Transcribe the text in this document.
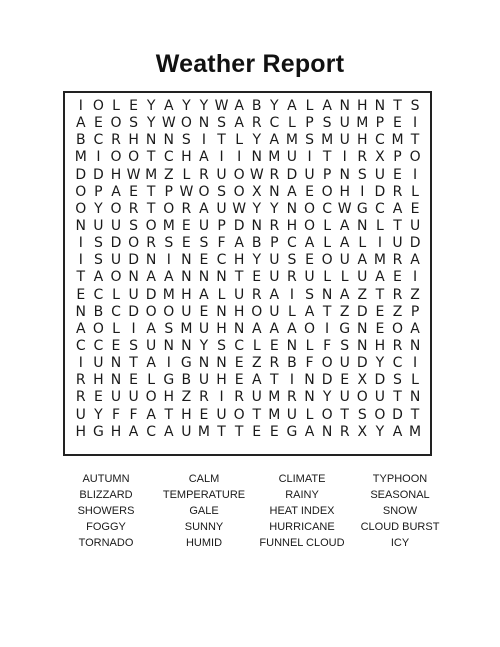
Weather Report
I O L E Y A Y Y W A B Y A L A N H N T S
A E O S Y W O N S A R C L P S U M P E I
B C R H N N S I T L Y A M S M U H C M T
M I O O T C H A I I N M U I T I R X P O
D D H W M Z L R U O W R D U P N S U E I
O P A E T P W O S O X N A E O H I D R L
O Y O R T O R A U W Y Y N O C W G C A E
N U U S O M E U P D N R H O L A N L T U
I S D O R S E S F A B P C A L A L I U D
I S U D N I N E C H Y U S E O U A M R A
T A O N A A N N N T E U R U L L U A E I
E C L U D M H A L U R A I S N A Z T R Z
N B C D O O U E N H O U L A T Z D E Z P
A O L I A S M U H N A A A O I G N E O A
C C E S U N N Y S C L E N L F S N H R N
I U N T A I G N N E Z R B F O U D Y C I
R H N E L G B U H E A T I N D E X D S L
R E U U O H Z R I R U M R N Y U O U T N
U Y F F A T H E U O T M U L O T S O D T
H G H A C A U M T T E E G A N R X Y A M
AUTUMN	CALM	CLIMATE	TYPHOON
BLIZZARD	TEMPERATURE	RAINY	SEASONAL
SHOWERS	GALE	HEAT INDEX	SNOW
FOGGY	SUNNY	HURRICANE	CLOUD BURST
TORNADO	HUMID	FUNNEL CLOUD	ICY
